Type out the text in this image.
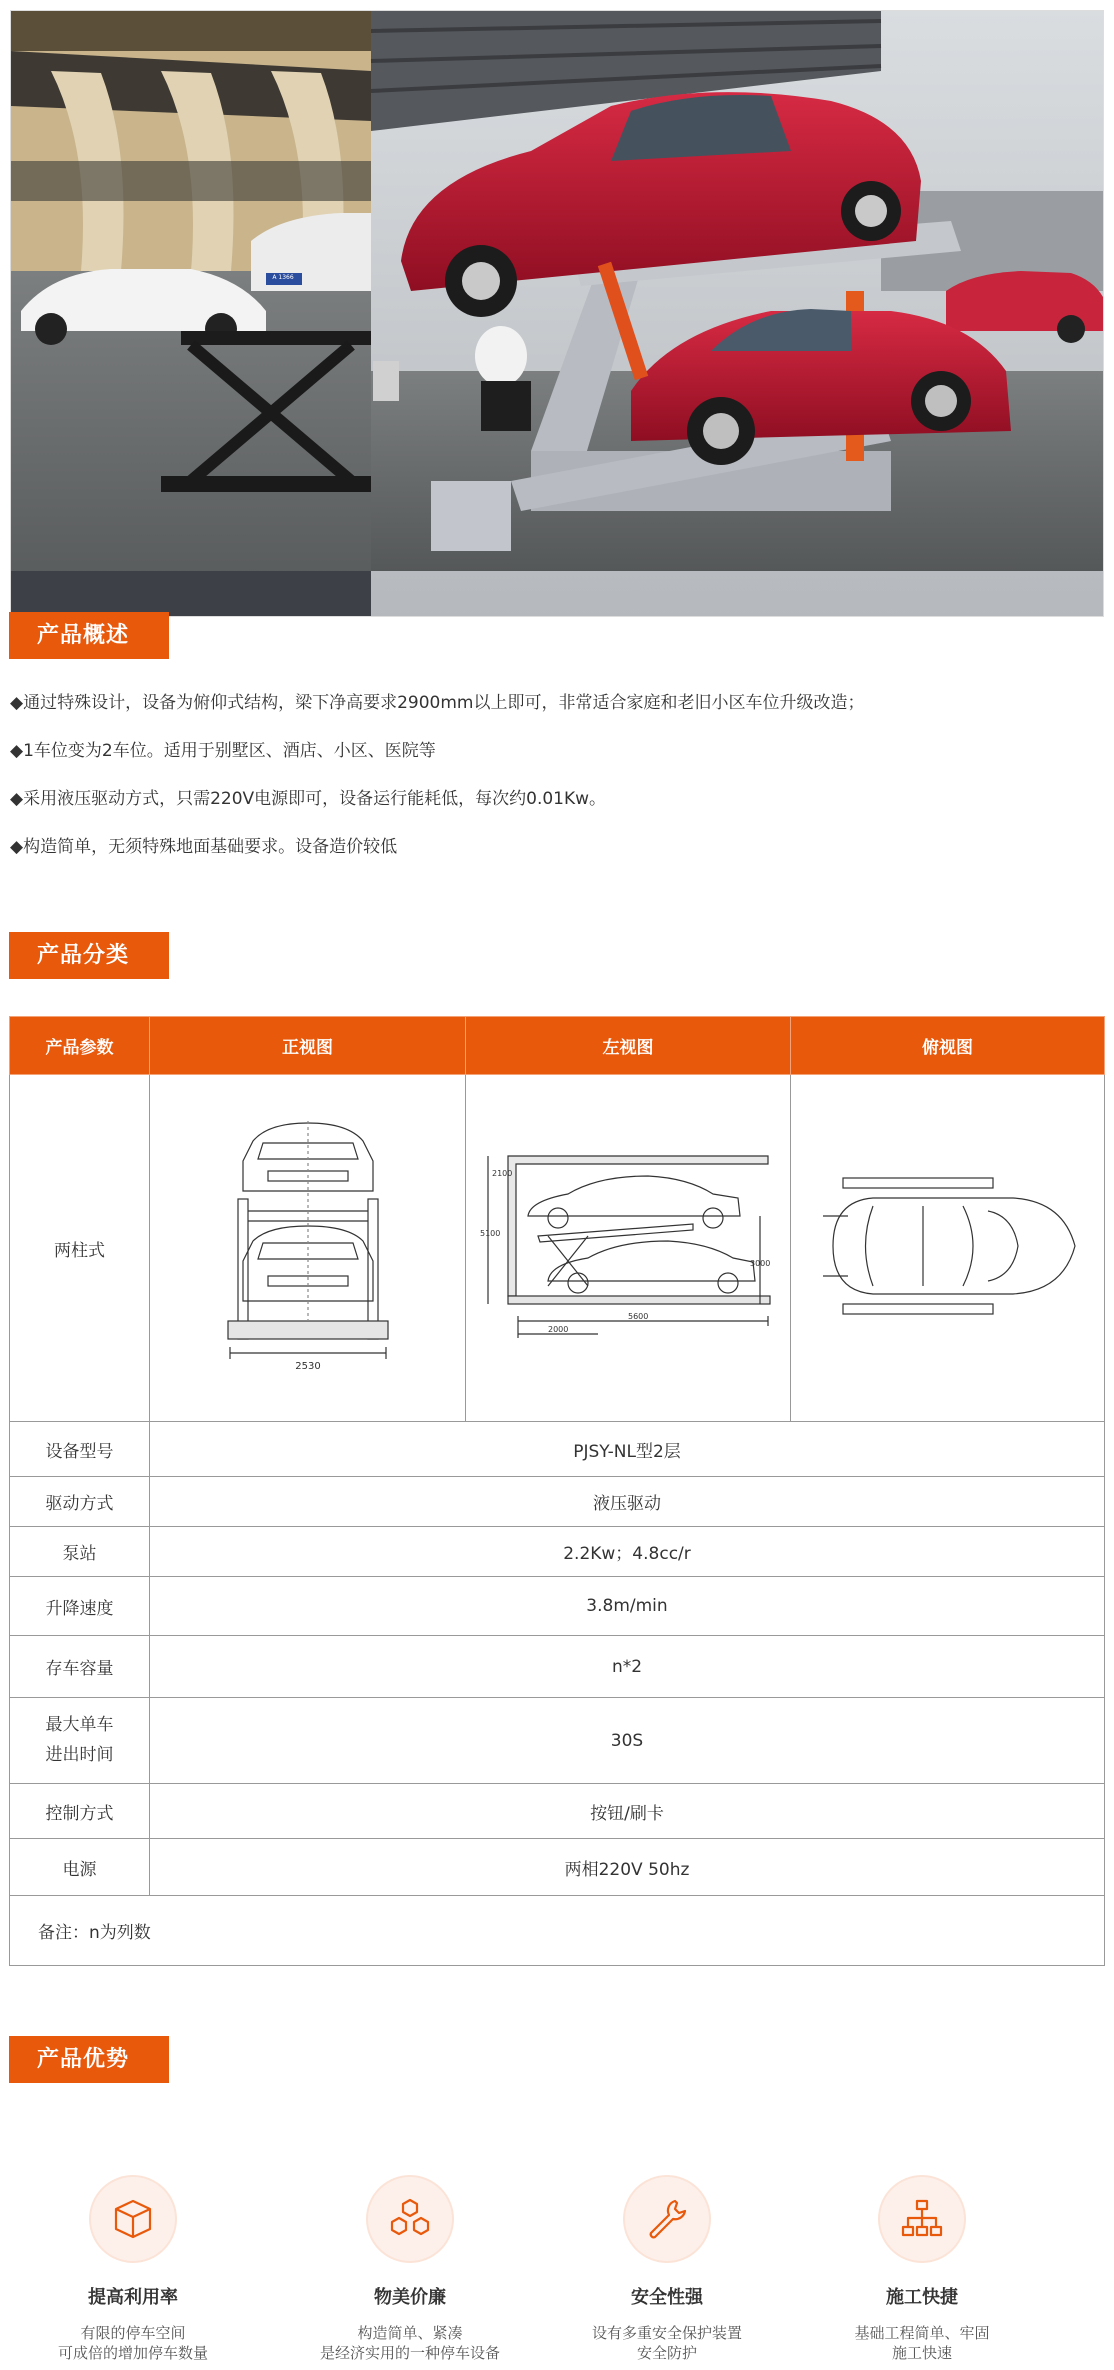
产品概述
◆通过特殊设计，设备为俯仰式结构，梁下净高要求2900mm以上即可，非常适合家庭和老旧小区车位升级改造；
◆1车位变为2车位。适用于别墅区、酒店、小区、医院等
◆采用液压驱动方式，只需220V电源即可，设备运行能耗低，每次约0.01Kw。
◆构造简单，无须特殊地面基础要求。设备造价较低
产品分类
产品参数	正视图	左视图	俯视图
两柱式	2530	2100
5100
3000
2000
5600

设备型号	PJSY-NL型2层		
驱动方式	液压驱动		
泵站	2.2Kw；4.8cc/r		
升降速度	3.8m/min		
存车容量	n*2		

最大单车
进出时间	30S		
控制方式	按钮/刷卡		
电源	两相220V 50hz		
备注：n为列数			
产品优势
提高利用率
有限的停车空间
可成倍的增加停车数量
物美价廉
构造简单、紧凑
是经济实用的一种停车设备
安全性强
设有多重安全保护装置
安全防护
施工快捷
基础工程简单、牢固
施工快速
A 1366
